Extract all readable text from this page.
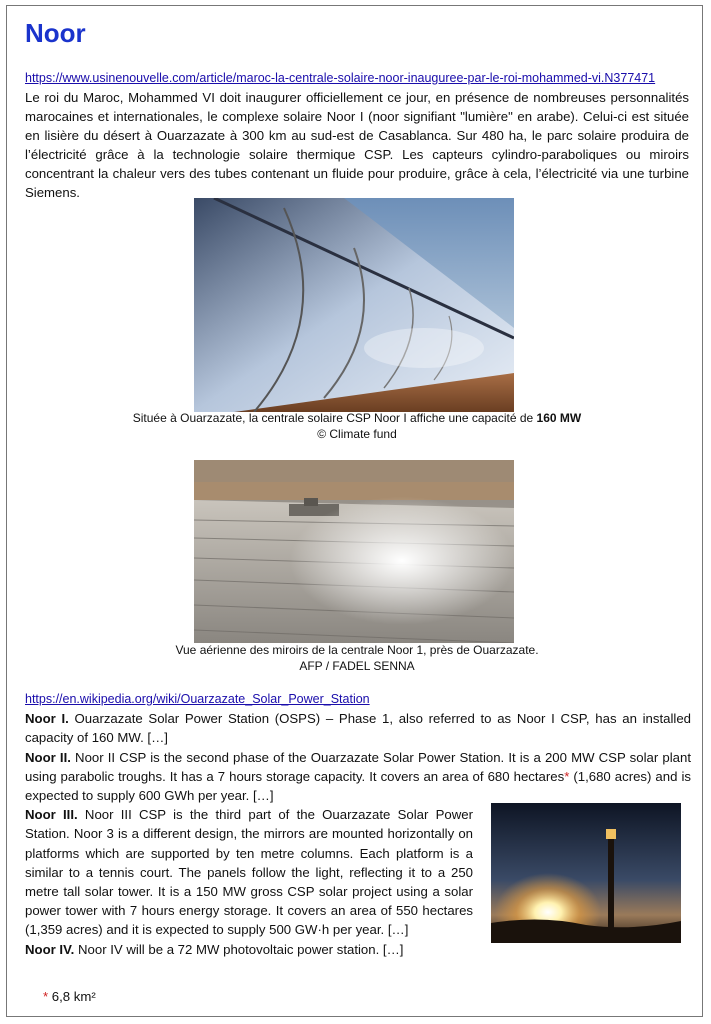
Noor
https://www.usinenouvelle.com/article/maroc-la-centrale-solaire-noor-inauguree-par-le-roi-mohammed-vi.N377471
Le roi du Maroc, Mohammed VI doit inaugurer officiellement ce jour, en présence de nombreuses personnalités marocaines et internationales, le complexe solaire Noor I (noor signifiant "lumière" en arabe). Celui-ci est située en lisière du désert à Ouarzazate à 300 km au sud-est de Casablanca. Sur 480 ha, le parc solaire produira de l’électricité grâce à la technologie solaire thermique CSP. Les capteurs cylindro-paraboliques ou miroirs concentrant la chaleur vers des tubes contenant un fluide pour produire, grâce à cela, l’électricité via une turbine Siemens.
Située à Ouarzazate, la centrale solaire CSP Noor I affiche une capacité de 160 MW
© Climate fund
Vue aérienne des miroirs de la centrale Noor 1, près de Ouarzazate.
AFP / FADEL SENNA
https://en.wikipedia.org/wiki/Ouarzazate_Solar_Power_Station

Noor I. Ouarzazate Solar Power Station (OSPS) – Phase 1, also referred to as Noor I CSP, has an installed capacity of 160 MW. […]

Noor II. Noor II CSP is the second phase of the Ouarzazate Solar Power Station. It is a 200 MW CSP solar plant using parabolic troughs. It has a 7 hours storage capacity. It covers an area of 680 hectares* (1,680 acres) and is expected to supply 600 GWh per year. […]

Noor III. Noor III CSP is the third part of the Ouarzazate Solar Power Station. Noor 3 is a different design, the mirrors are mounted horizontally on platforms which are supported by ten metre columns. Each platform is a similar to a tennis court. The panels follow the light, reflecting it to a 250 metre tall solar tower. It is a 150 MW gross CSP solar project using a solar power tower with 7 hours energy storage. It covers an area of 550 hectares (1,359 acres) and it is expected to supply 500 GW·h per year. […]

Noor IV. Noor IV will be a 72 MW photovoltaic power station. […]

* 6,8 km²
